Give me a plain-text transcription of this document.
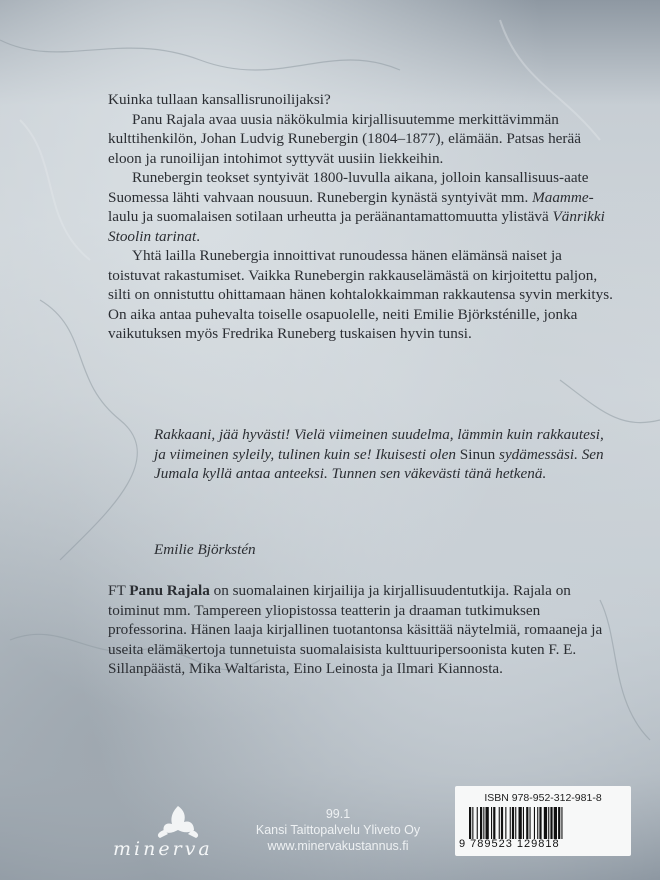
Kuinka tullaan kansallisrunoilijaksi?

Panu Rajala avaa uusia näkökulmia kirjallisuutemme merkittävimmän kulttihenkilön, Johan Ludvig Runebergin (1804–1877), elämään. Patsas herää eloon ja runoilijan intohimot syttyvät uusiin liekkeihin.

Runebergin teokset syntyivät 1800-luvulla aikana, jolloin kansallisuus-aate Suomessa lähti vahvaan nousuun. Runebergin kynästä syntyivät mm. Maamme-laulu ja suomalaisen sotilaan urheutta ja peräänantamattomuutta ylistävä Vänrikki Stoolin tarinat.

Yhtä lailla Runebergia innoittivat runoudessa hänen elämänsä naiset ja toistuvat rakastumiset. Vaikka Runebergin rakkauselämästä on kirjoitettu paljon, silti on onnistuttu ohittamaan hänen kohtalokkaimman rakkautensa syvin merkitys. On aika antaa puhevalta toiselle osapuolelle, neiti Emilie Björksténille, jonka vaikutuksen myös Fredrika Runeberg tuskaisen hyvin tunsi.

Rakkaani, jää hyvästi! Vielä viimeinen suudelma, lämmin kuin rakkautesi, ja viimeinen syleily, tulinen kuin se! Ikuisesti olen Sinun sydämessäsi. Sen Jumala kyllä antaa anteeksi. Tunnen sen väkevästi tänä hetkenä.
Emilie Björkstén
FT Panu Rajala on suomalainen kirjailija ja kirjallisuudentutkija. Rajala on toiminut mm. Tampereen yliopistossa teatterin ja draaman tutkimuksen professorina. Hänen laaja kirjallinen tuotantonsa käsittää näytelmiä, romaaneja ja useita elämäkertoja tunnetuista suomalaisista kulttuuripersoonista kuten F. E. Sillanpäästä, Mika Waltarista, Eino Leinosta ja Ilmari Kiannosta.
minerva
99.1
Kansi Taittopalvelu Yliveto Oy
www.minervakustannus.fi
ISBN 978-952-312-981-8
9 789523 129818
